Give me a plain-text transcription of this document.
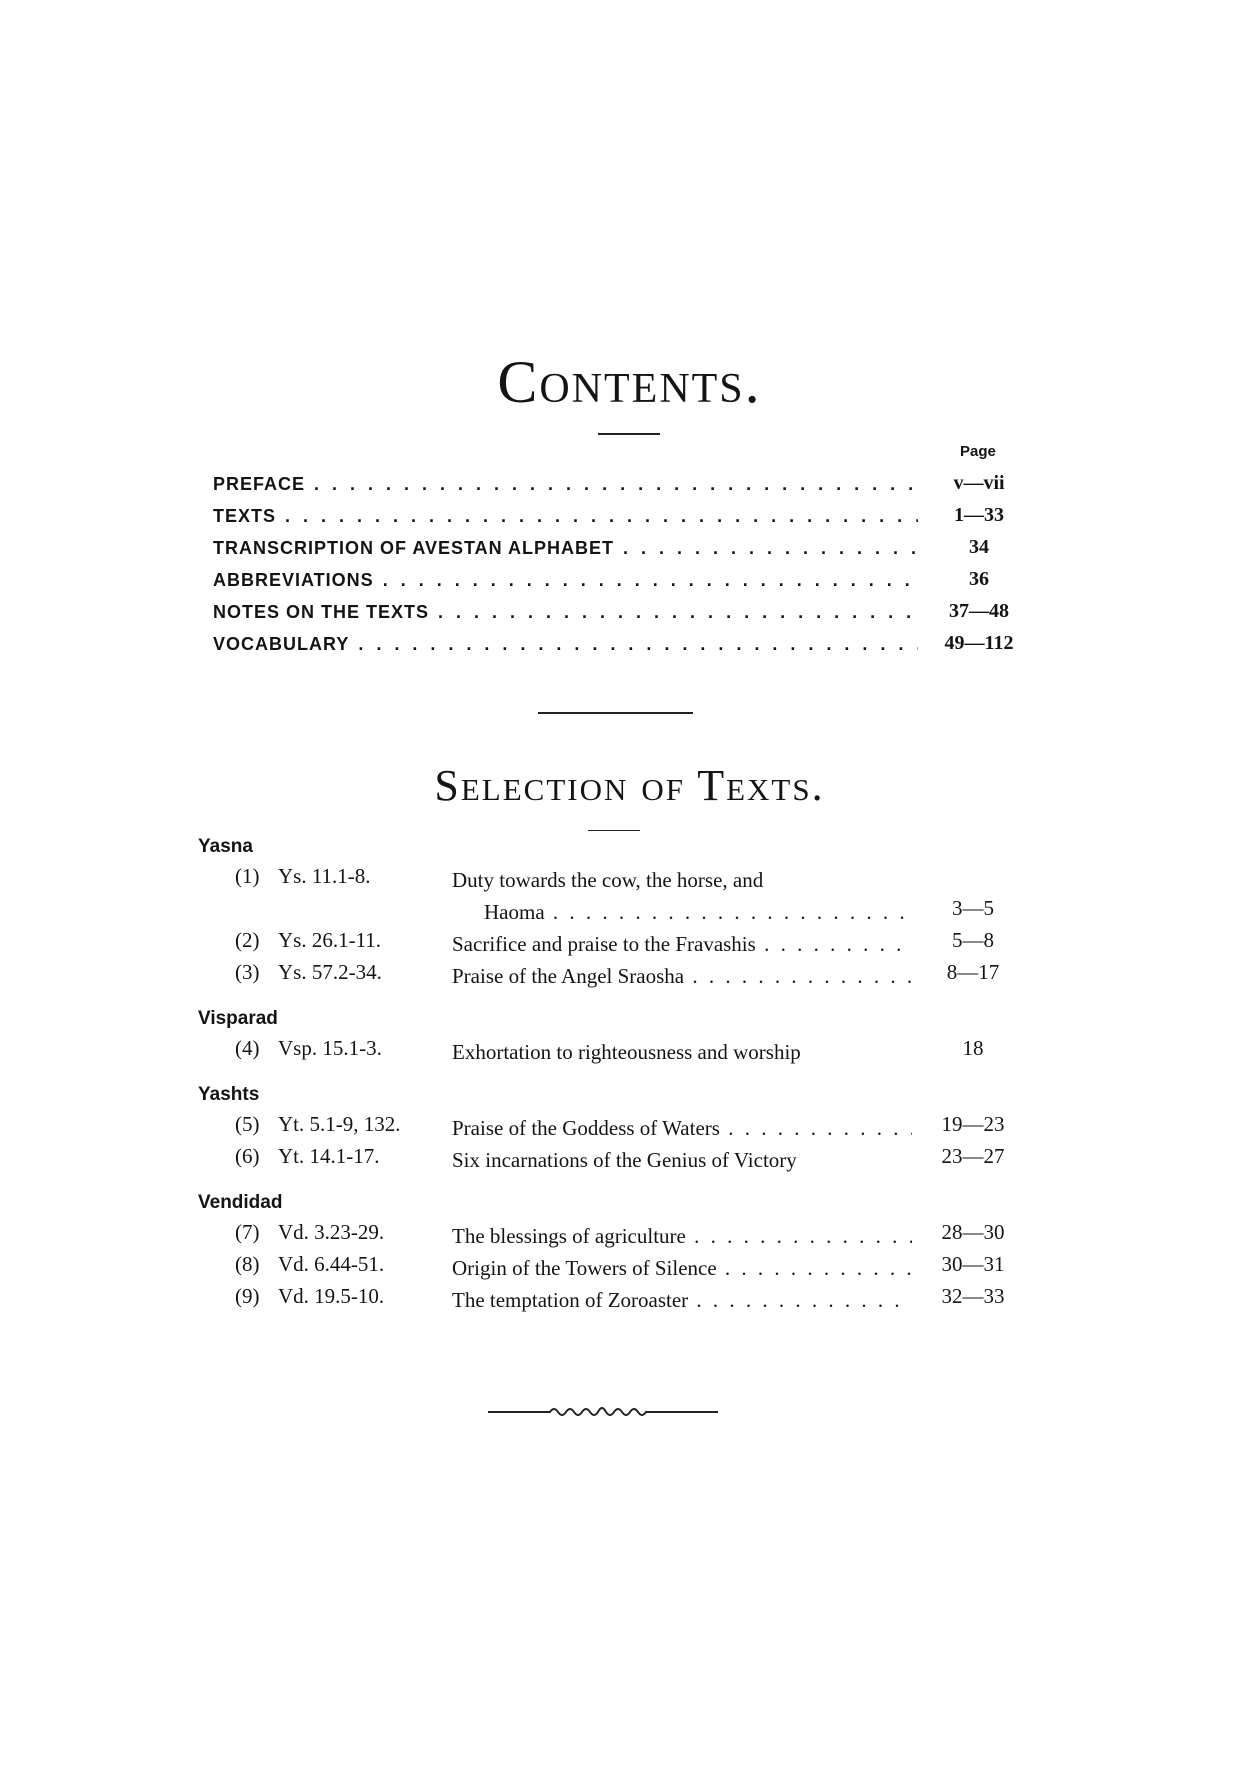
Contents.
Page
PREFACE . . .	v—vii
TEXTS . . .	1—33
TRANSCRIPTION OF AVESTAN ALPHABET . . .	34
ABBREVIATIONS . . .	36
NOTES ON THE TEXTS . . .	37—48
VOCABULARY . . .	49—112
Selection of Texts.
Yasna
(1) Ys. 11.1-8.	Duty towards the cow, the horse, and
Haoma . . .	3—5
(2) Ys. 26.1-11.	Sacrifice and praise to the Fravashis . . .	5—8
(3) Ys. 57.2-34.	Praise of the Angel Sraosha . . .	8—17
Visparad
(4) Vsp. 15.1-3.	Exhortation to righteousness and worship	18
Yashts
(5) Yt. 5.1-9, 132. Praise of the Goddess of Waters . . .	19—23
(6) Yt. 14.1-17.	Six incarnations of the Genius of Victory	23—27
Vendidad
(7) Vd. 3.23-29.	The blessings of agriculture . . .	28—30
(8) Vd. 6.44-51.	Origin of the Towers of Silence . . .	30—31
(9) Vd. 19.5-10.	The temptation of Zoroaster . . .	32—33
